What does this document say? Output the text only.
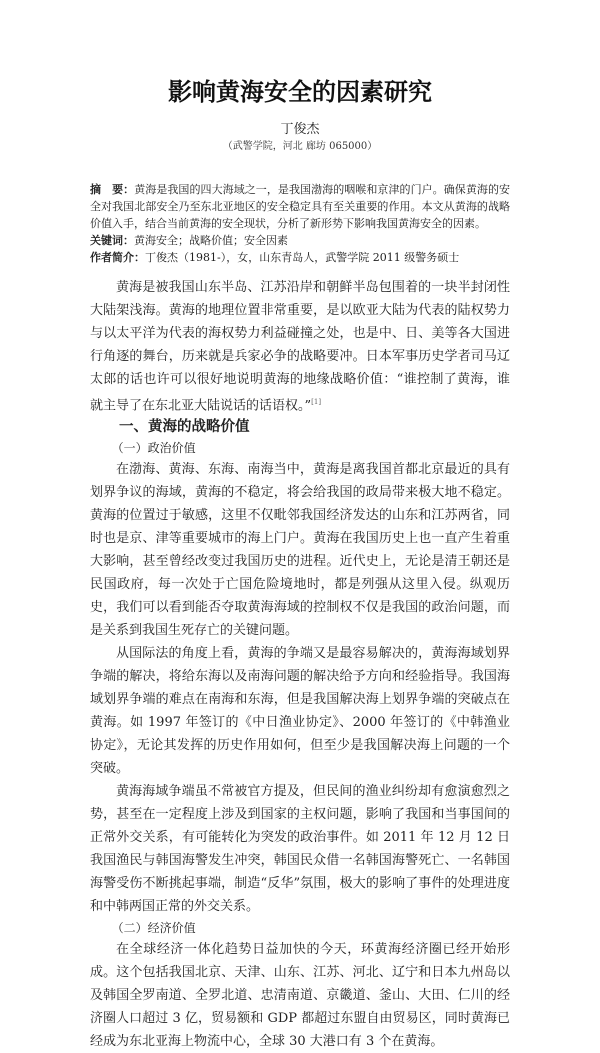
影响黄海安全的因素研究
丁俊杰
（武警学院，河北 廊坊 065000）
摘　要：黄海是我国的四大海域之一，是我国渤海的咽喉和京津的门户。确保黄海的安全对我国北部安全乃至东北亚地区的安全稳定具有至关重要的作用。本文从黄海的战略价值入手，结合当前黄海的安全现状，分析了新形势下影响我国黄海安全的因素。
关键词：黄海安全；战略价值；安全因素
作者简介：丁俊杰（1981-），女，山东青岛人，武警学院 2011 级警务硕士

黄海是被我国山东半岛、江苏沿岸和朝鲜半岛包围着的一块半封闭性大陆架浅海。黄海的地理位置非常重要，是以欧亚大陆为代表的陆权势力与以太平洋为代表的海权势力利益碰撞之处，也是中、日、美等各大国进行角逐的舞台，历来就是兵家必争的战略要冲。日本军事历史学者司马辽太郎的话也许可以很好地说明黄海的地缘战略价值：“谁控制了黄海，谁就主导了在东北亚大陆说话的话语权。”[1]

一、黄海的战略价值
（一）政治价值

在渤海、黄海、东海、南海当中，黄海是离我国首都北京最近的具有划界争议的海域，黄海的不稳定，将会给我国的政局带来极大地不稳定。黄海的位置过于敏感，这里不仅毗邻我国经济发达的山东和江苏两省，同时也是京、津等重要城市的海上门户。黄海在我国历史上也一直产生着重大影响，甚至曾经改变过我国历史的进程。近代史上，无论是清王朝还是民国政府，每一次处于亡国危险境地时，都是列强从这里入侵。纵观历史，我们可以看到能否夺取黄海海域的控制权不仅是我国的政治问题，而是关系到我国生死存亡的关键问题。

从国际法的角度上看，黄海的争端又是最容易解决的，黄海海域划界争端的解决，将给东海以及南海问题的解决给予方向和经验指导。我国海域划界争端的难点在南海和东海，但是我国解决海上划界争端的突破点在黄海。如 1997 年签订的《中日渔业协定》、2000 年签订的《中韩渔业协定》，无论其发挥的历史作用如何，但至少是我国解决海上问题的一个突破。

黄海海域争端虽不常被官方提及，但民间的渔业纠纷却有愈演愈烈之势，甚至在一定程度上涉及到国家的主权问题，影响了我国和当事国间的正常外交关系，有可能转化为突发的政治事件。如 2011 年 12 月 12 日我国渔民与韩国海警发生冲突，韩国民众借一名韩国海警死亡、一名韩国海警受伤不断挑起事端，制造“反华”氛围，极大的影响了事件的处理进度和中韩两国正常的外交关系。

（二）经济价值

在全球经济一体化趋势日益加快的今天，环黄海经济圈已经开始形成。这个包括我国北京、天津、山东、江苏、河北、辽宁和日本九州岛以及韩国全罗南道、全罗北道、忠清南道、京畿道、釜山、大田、仁川的经济圈人口超过 3 亿，贸易额和 GDP 都超过东盟自由贸易区，同时黄海已经成为东北亚海上物流中心，全球 30 大港口有 3 个在黄海。
